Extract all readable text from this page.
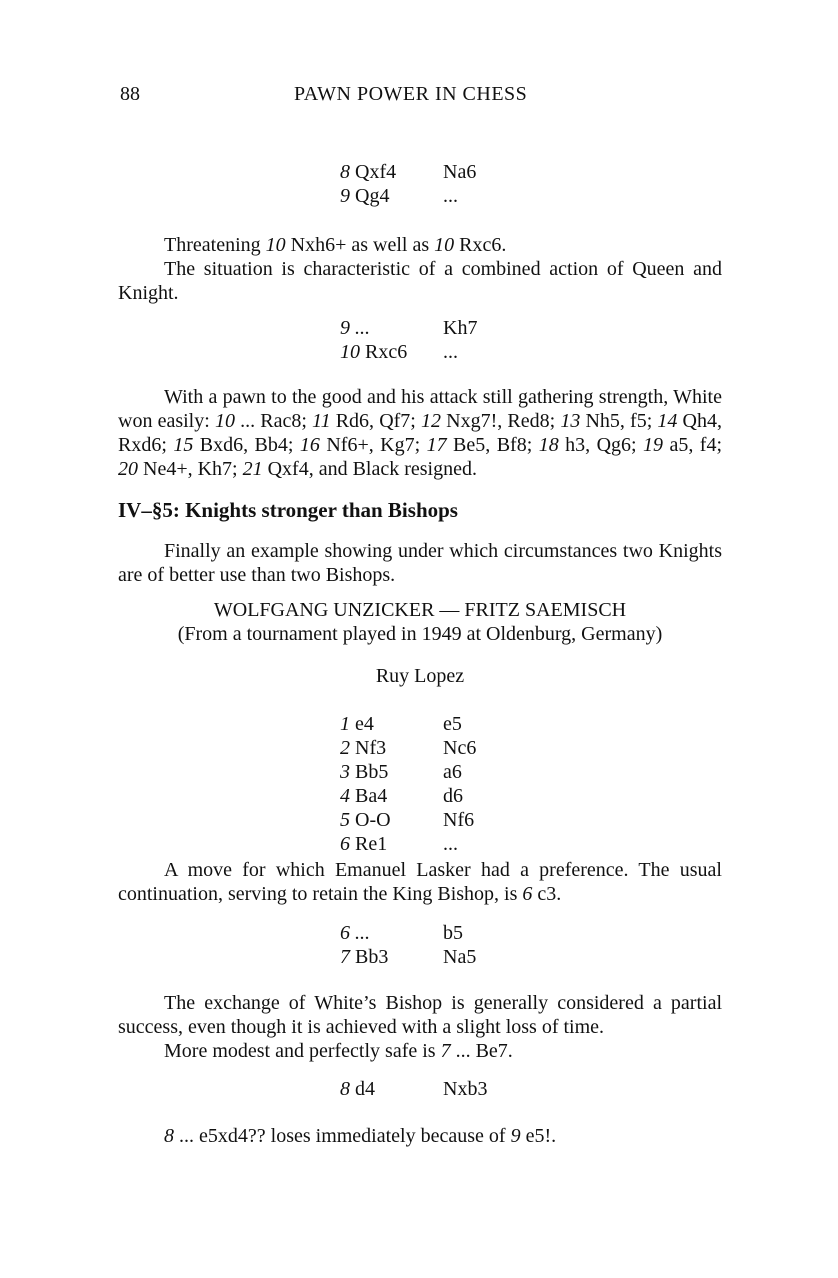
88	PAWN POWER IN CHESS
8 Qxf4	Na6
9 Qg4	...
Threatening 10 Nxh6+ as well as 10 Rxc6.
The situation is characteristic of a combined action of Queen and Knight.
9 ...	Kh7
10 Rxc6	...
With a pawn to the good and his attack still gathering strength, White won easily: 10 ... Rac8; 11 Rd6, Qf7; 12 Nxg7!, Red8; 13 Nh5, f5; 14 Qh4, Rxd6; 15 Bxd6, Bb4; 16 Nf6+, Kg7; 17 Be5, Bf8; 18 h3, Qg6; 19 a5, f4; 20 Ne4+, Kh7; 21 Qxf4, and Black resigned.
IV–§5: Knights stronger than Bishops
Finally an example showing under which circumstances two Knights are of better use than two Bishops.
WOLFGANG UNZICKER — FRITZ SAEMISCH
(From a tournament played in 1949 at Oldenburg, Germany)
Ruy Lopez
1 e4	e5
2 Nf3	Nc6
3 Bb5	a6
4 Ba4	d6
5 O-O	Nf6
6 Re1	...
A move for which Emanuel Lasker had a preference. The usual continuation, serving to retain the King Bishop, is 6 c3.
6 ...	b5
7 Bb3	Na5
The exchange of White’s Bishop is generally considered a partial success, even though it is achieved with a slight loss of time.
More modest and perfectly safe is 7 ... Be7.
8 d4	Nxb3
8 ... e5xd4?? loses immediately because of 9 e5!.
